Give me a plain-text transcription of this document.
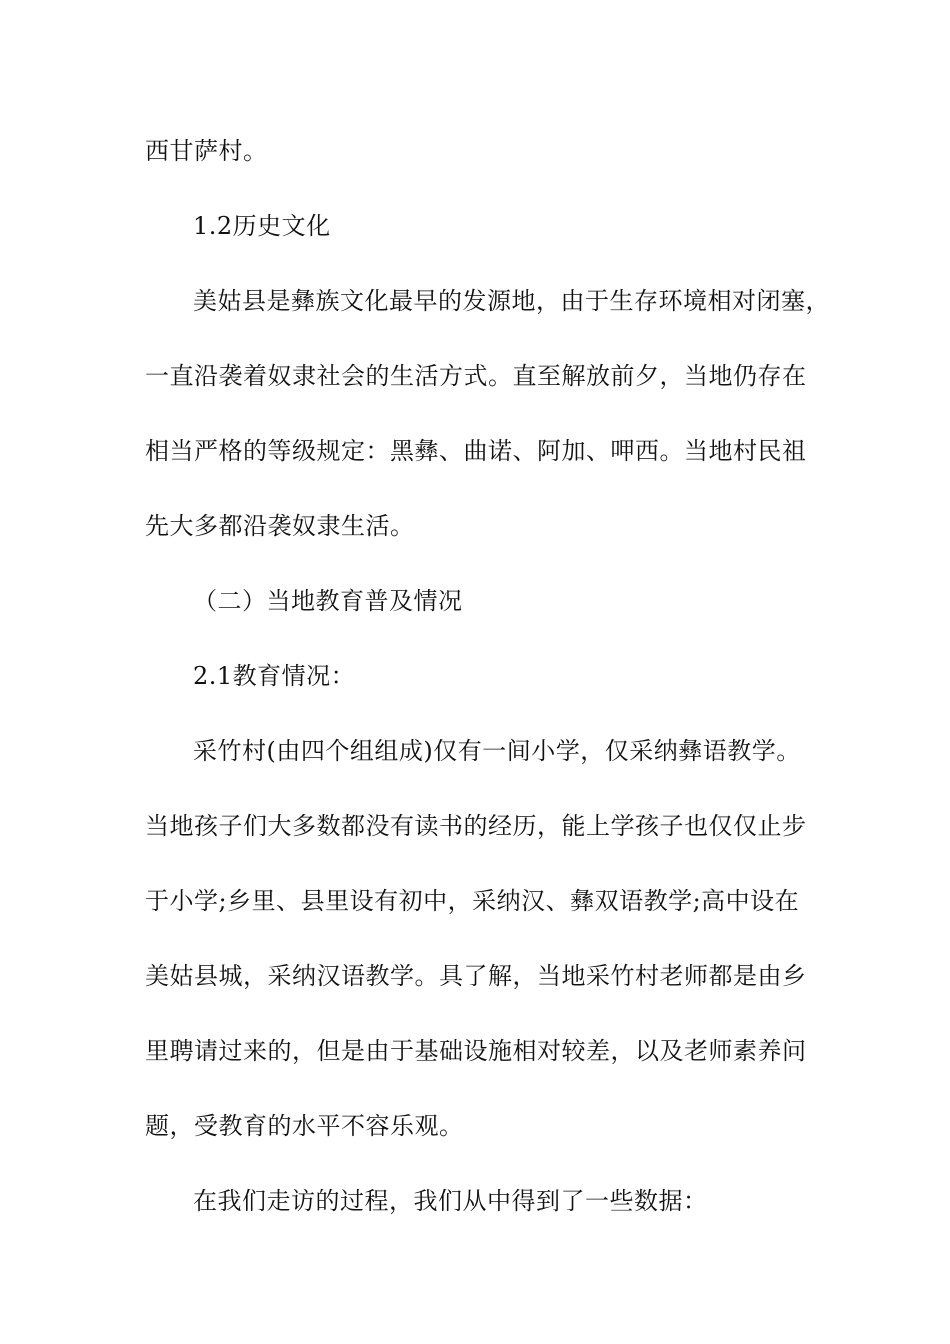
西甘萨村。
1.2历史文化
美姑县是彝族文化最早的发源地，由于生存环境相对闭塞，
一直沿袭着奴隶社会的生活方式。直至解放前夕，当地仍存在
相当严格的等级规定：黑彝、曲诺、阿加、呷西。当地村民祖
先大多都沿袭奴隶生活。
（二）当地教育普及情况
2.1教育情况：
采竹村(由四个组组成)仅有一间小学，仅采纳彝语教学。
当地孩子们大多数都没有读书的经历，能上学孩子也仅仅止步
于小学;乡里、县里设有初中，采纳汉、彝双语教学;高中设在
美姑县城，采纳汉语教学。具了解，当地采竹村老师都是由乡
里聘请过来的，但是由于基础设施相对较差，以及老师素养问
题，受教育的水平不容乐观。
在我们走访的过程，我们从中得到了一些数据：
